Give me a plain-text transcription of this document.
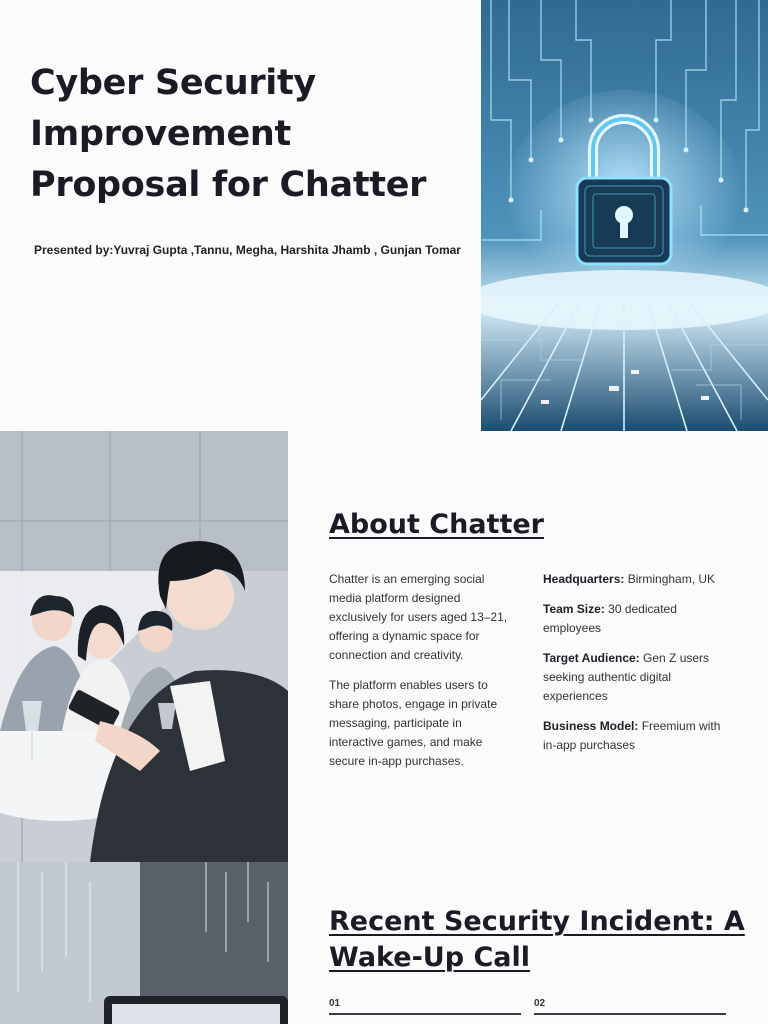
Cyber Security Improvement Proposal for Chatter
Presented by:Yuvraj Gupta ,Tannu, Megha, Harshita Jhamb , Gunjan Tomar
About Chatter

Chatter is an emerging social media platform designed exclusively for users aged 13–21, offering a dynamic space for connection and creativity.

The platform enables users to share photos, engage in private messaging, participate in interactive games, and make secure in-app purchases.

Headquarters: Birmingham, UK

Team Size: 30 dedicated employees

Target Audience: Gen Z users seeking authentic digital experiences

Business Model: Freemium with in-app purchases

Recent Security Incident: A Wake-Up Call
01	02
